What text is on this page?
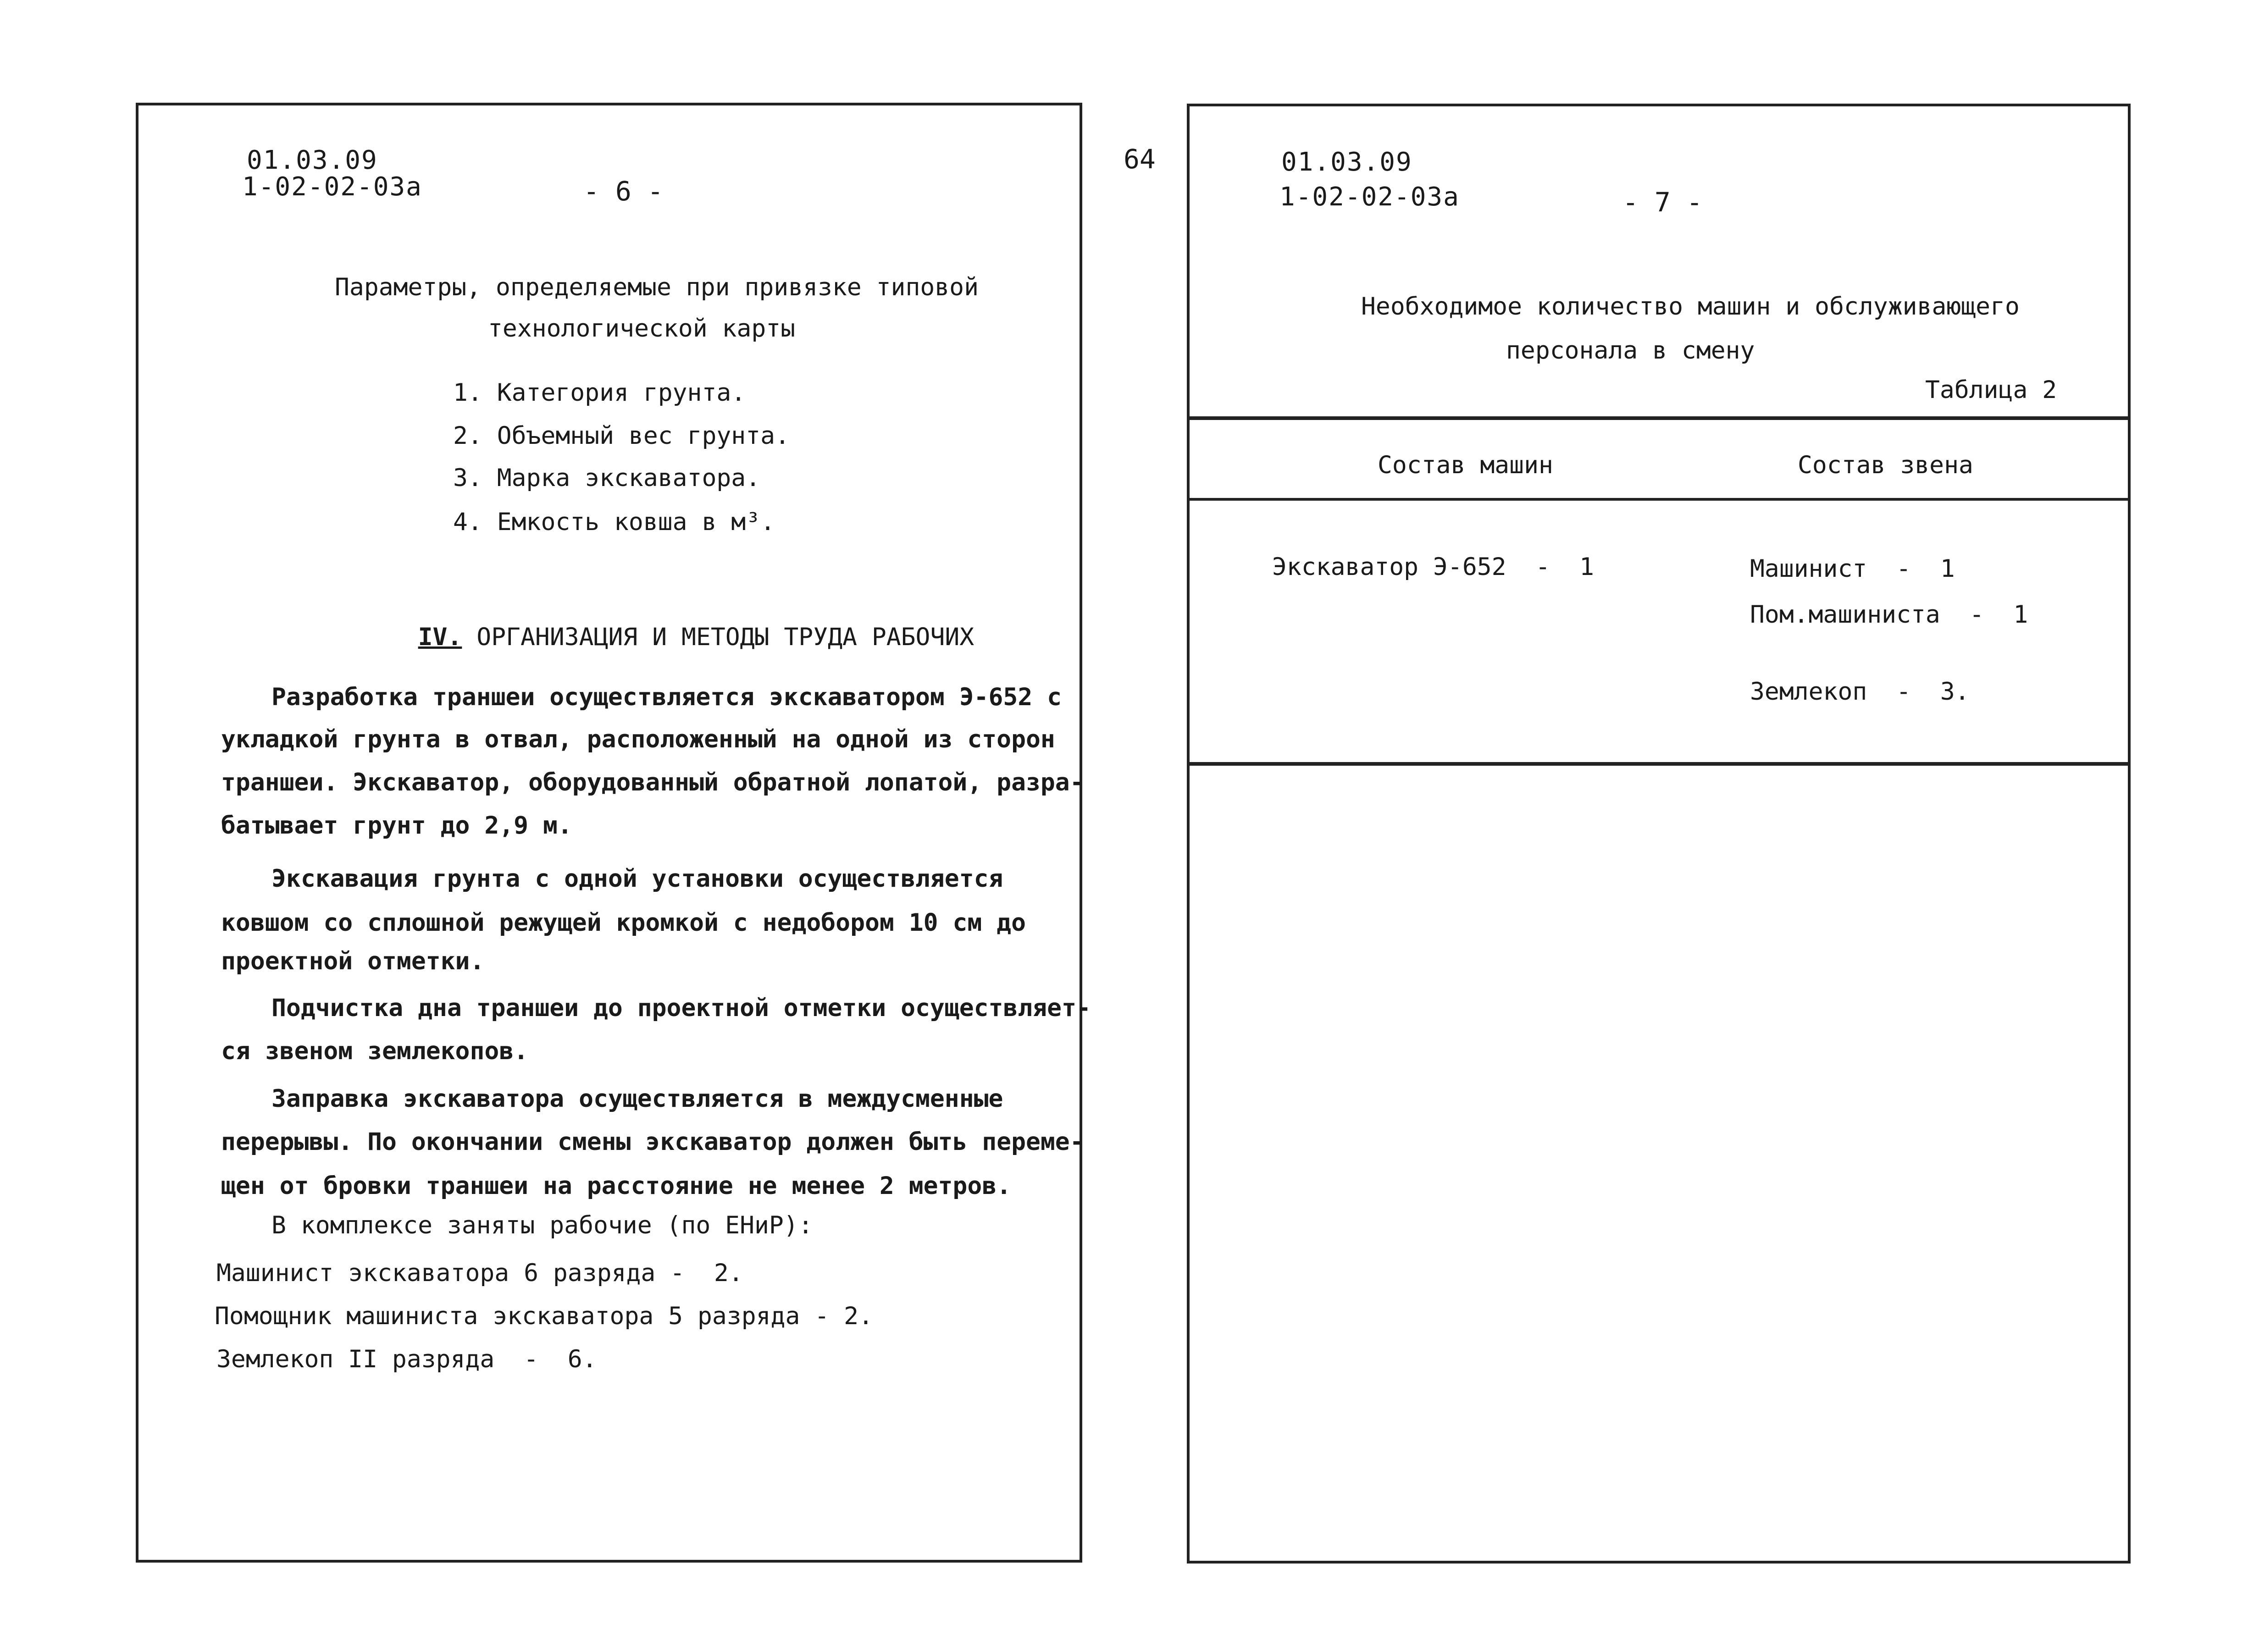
64
01.03.09
1-02-02-03а	- 6 -
Параметры, определяемые при привязке типовой
технологической карты
1. Категория грунта.
2. Объемный вес грунта.
3. Марка экскаватора.
4. Емкость ковша в м³.

IV. ОРГАНИЗАЦИЯ И МЕТОДЫ ТРУДА РАБОЧИХ

Разработка траншеи осуществляется экскаватором Э-652 с
укладкой грунта в отвал, расположенный на одной из сторон
траншеи. Экскаватор, оборудованный обратной лопатой, разра-
батывает грунт до 2,9 м.
Экскавация грунта с одной установки осуществляется
ковшом со сплошной режущей кромкой с недобором 10 см до
проектной отметки.
Подчистка дна траншеи до проектной отметки осуществляет-
ся звеном землекопов.
Заправка экскаватора осуществляется в междусменные
перерывы. По окончании смены экскаватор должен быть переме-
щен от бровки траншеи на расстояние не менее 2 метров.
В комплексе заняты рабочие (по ЕНиР):
Машинист экскаватора 6 разряда -  2.
Помощник машиниста экскаватора 5 разряда - 2.
Землекоп II разряда  -  6.
01.03.09
1-02-02-03а	- 7 -
Необходимое количество машин и обслуживающего
персонала в смену
Таблица 2
Состав машин	Состав звена
Экскаватор Э-652  -  1	Машинист  -  1
Пом.машиниста  -  1
Землекоп  -  3.
